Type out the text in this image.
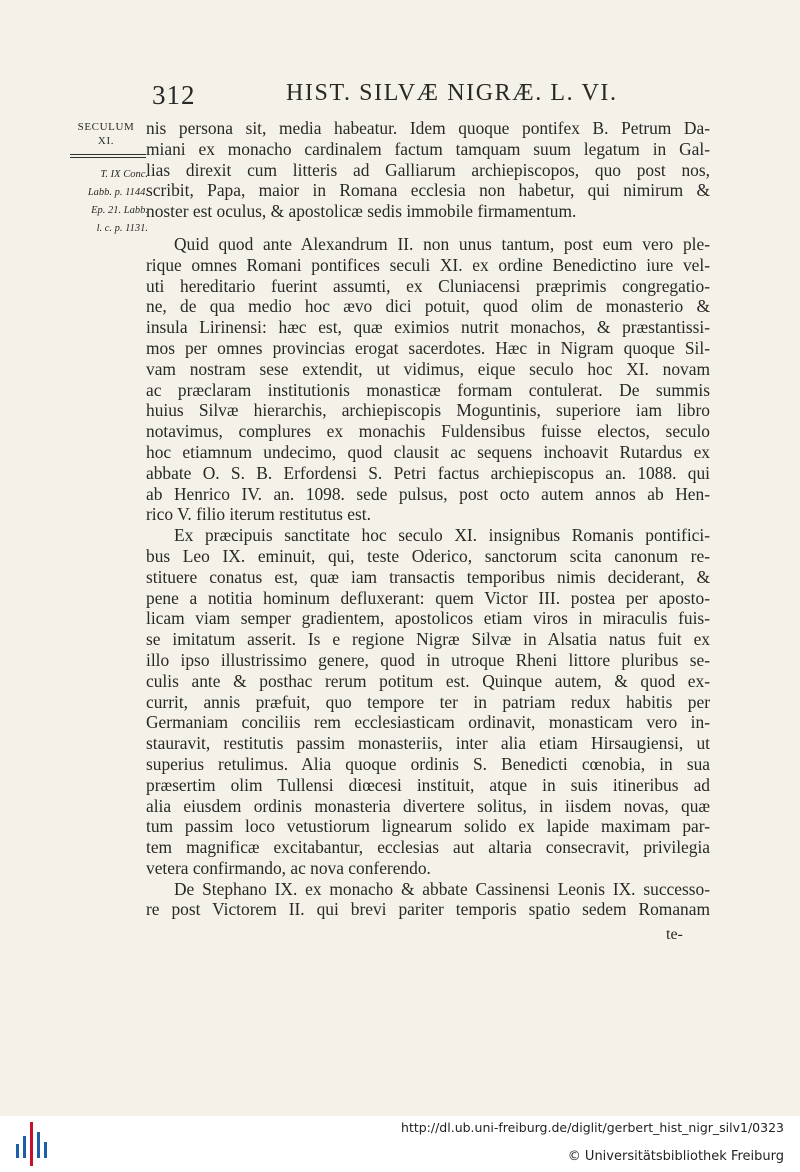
312	HIST. SILVÆ NIGRÆ. L. VI.
SECULUM
XI.
T. IX Conc.
Labb. p. 1144.
Ep. 21. Labb.
l. c. p. 1131.
nis persona sit, media habeatur. Idem quoque pontifex B. Petrum Da-
miani ex monacho cardinalem factum tamquam suum legatum in Gal-
lias direxit cum litteris ad Galliarum archiepiscopos, quo post nos,
scribit, Papa, maior in Romana ecclesia non habetur, qui nimirum &
noster est oculus, & apostolicæ sedis immobile firmamentum.
Quid quod ante Alexandrum II. non unus tantum, post eum vero ple-
rique omnes Romani pontifices seculi XI. ex ordine Benedictino iure vel-
uti hereditario fuerint assumti, ex Cluniacensi præprimis congregatio-
ne, de qua medio hoc ævo dici potuit, quod olim de monasterio &
insula Lirinensi: hæc est, quæ eximios nutrit monachos, & præstantissi-
mos per omnes provincias erogat sacerdotes. Hæc in Nigram quoque Sil-
vam nostram sese extendit, ut vidimus, eique seculo hoc XI. novam
ac præclaram institutionis monasticæ formam contulerat. De summis
huius Silvæ hierarchis, archiepiscopis Moguntinis, superiore iam libro
notavimus, complures ex monachis Fuldensibus fuisse electos, seculo
hoc etiamnum undecimo, quod clausit ac sequens inchoavit Rutardus ex
abbate O. S. B. Erfordensi S. Petri factus archiepiscopus an. 1088. qui
ab Henrico IV. an. 1098. sede pulsus, post octo autem annos ab Hen-
rico V. filio iterum restitutus est.
Ex præcipuis sanctitate hoc seculo XI. insignibus Romanis pontifici-
bus Leo IX. eminuit, qui, teste Oderico, sanctorum scita canonum re-
stituere conatus est, quæ iam transactis temporibus nimis deciderant, &
pene a notitia hominum defluxerant: quem Victor III. postea per aposto-
licam viam semper gradientem, apostolicos etiam viros in miraculis fuis-
se imitatum asserit. Is e regione Nigræ Silvæ in Alsatia natus fuit ex
illo ipso illustrissimo genere, quod in utroque Rheni littore pluribus se-
culis ante & posthac rerum potitum est. Quinque autem, & quod ex-
currit, annis præfuit, quo tempore ter in patriam redux habitis per
Germaniam conciliis rem ecclesiasticam ordinavit, monasticam vero in-
stauravit, restitutis passim monasteriis, inter alia etiam Hirsaugiensi, ut
superius retulimus. Alia quoque ordinis S. Benedicti cœnobia, in sua
præsertim olim Tullensi diœcesi instituit, atque in suis itineribus ad
alia eiusdem ordinis monasteria divertere solitus, in iisdem novas, quæ
tum passim loco vetustiorum lignearum solido ex lapide maximam par-
tem magnificæ excitabantur, ecclesias aut altaria consecravit, privilegia
vetera confirmando, ac nova conferendo.
De Stephano IX. ex monacho & abbate Cassinensi Leonis IX. successo-
re post Victorem II. qui brevi pariter temporis spatio sedem Romanam
te-
http://dl.ub.uni-freiburg.de/diglit/gerbert_hist_nigr_silv1/0323
© Universitätsbibliothek Freiburg
